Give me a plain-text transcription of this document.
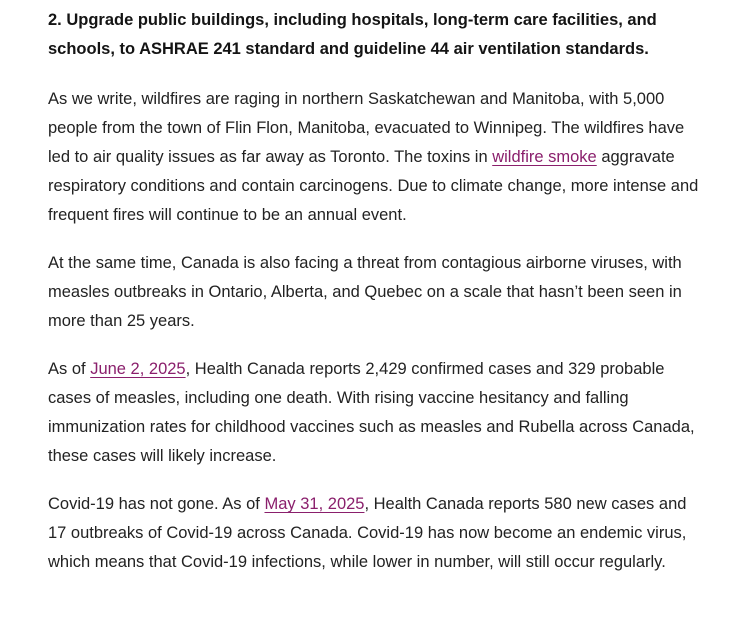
2. Upgrade public buildings, including hospitals, long-term care facilities, and schools, to ASHRAE 241 standard and guideline 44 air ventilation standards.

As we write, wildfires are raging in northern Saskatchewan and Manitoba, with 5,000 people from the town of Flin Flon, Manitoba, evacuated to Winnipeg. The wildfires have led to air quality issues as far away as Toronto. The toxins in wildfire smoke aggravate respiratory conditions and contain carcinogens. Due to climate change, more intense and frequent fires will continue to be an annual event.

At the same time, Canada is also facing a threat from contagious airborne viruses, with measles outbreaks in Ontario, Alberta, and Quebec on a scale that hasn’t been seen in more than 25 years.

As of June 2, 2025, Health Canada reports 2,429 confirmed cases and 329 probable cases of measles, including one death. With rising vaccine hesitancy and falling immunization rates for childhood vaccines such as measles and Rubella across Canada, these cases will likely increase.

Covid-19 has not gone. As of May 31, 2025, Health Canada reports 580 new cases and 17 outbreaks of Covid-19 across Canada. Covid-19 has now become an endemic virus, which means that Covid-19 infections, while lower in number, will still occur regularly.
